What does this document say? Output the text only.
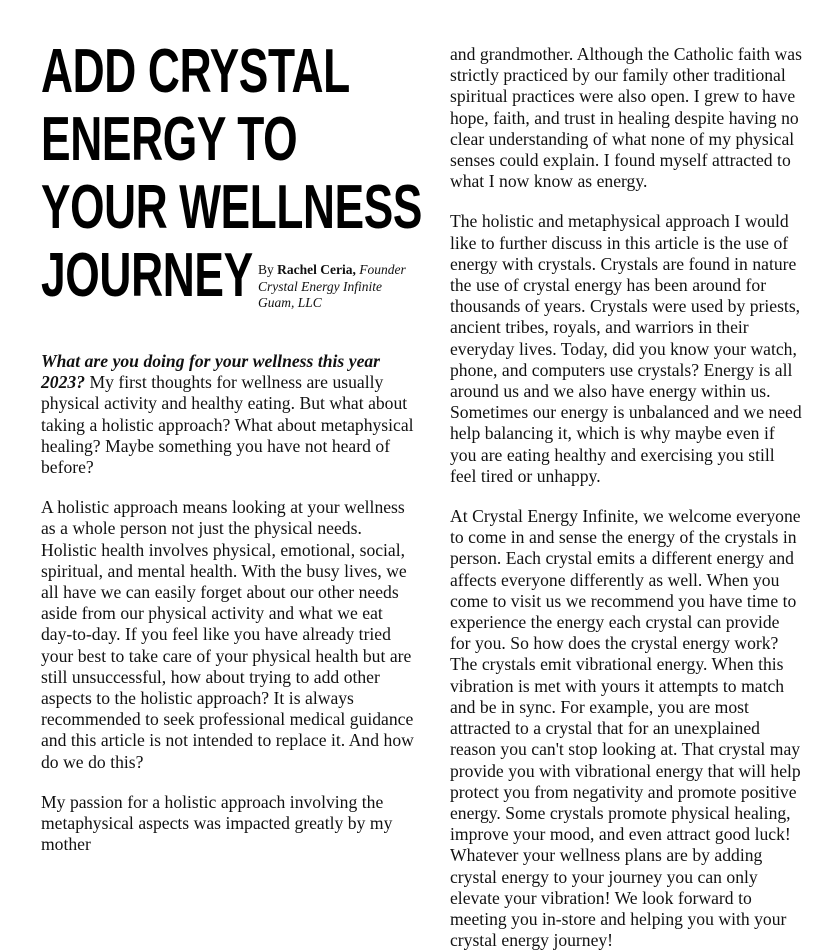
ADD CRYSTAL
ENERGY TO
YOUR WELLNESS
JOURNEY By Rachel Ceria, Founder Crystal Energy Infinite Guam, LLC

What are you doing for your wellness this year 2023? My first thoughts for wellness are usually physical activity and healthy eating. But what about taking a holistic approach? What about metaphysical healing? Maybe something you have not heard of before?

A holistic approach means looking at your wellness as a whole person not just the physical needs. Holistic health involves physical, emotional, social, spiritual, and mental health. With the busy lives, we all have we can easily forget about our other needs aside from our physical activity and what we eat day-to-day. If you feel like you have already tried your best to take care of your physical health but are still unsuccessful, how about trying to add other aspects to the holistic approach? It is always recommended to seek professional medical guidance and this article is not intended to replace it. And how do we do this?

My passion for a holistic approach involving the metaphysical aspects was impacted greatly by my mother

and grandmother. Although the Catholic faith was strictly practiced by our family other traditional spiritual practices were also open. I grew to have hope, faith, and trust in healing despite having no clear understanding of what none of my physical senses could explain. I found myself attracted to what I now know as energy.

The holistic and metaphysical approach I would like to further discuss in this article is the use of energy with crystals. Crystals are found in nature the use of crystal energy has been around for thousands of years. Crystals were used by priests, ancient tribes, royals, and warriors in their everyday lives. Today, did you know your watch, phone, and computers use crystals? Energy is all around us and we also have energy within us. Sometimes our energy is unbalanced and we need help balancing it, which is why maybe even if you are eating healthy and exercising you still feel tired or unhappy.

At Crystal Energy Infinite, we welcome everyone to come in and sense the energy of the crystals in person. Each crystal emits a different energy and affects everyone differently as well. When you come to visit us we recommend you have time to experience the energy each crystal can provide for you. So how does the crystal energy work? The crystals emit vibrational energy. When this vibration is met with yours it attempts to match and be in sync. For example, you are most attracted to a crystal that for an unexplained reason you can't stop looking at. That crystal may provide you with vibrational energy that will help protect you from negativity and promote positive energy. Some crystals promote physical healing, improve your mood, and even attract good luck! Whatever your wellness plans are by adding crystal energy to your journey you can only elevate your vibration! We look forward to meeting you in-store and helping you with your crystal energy journey!
